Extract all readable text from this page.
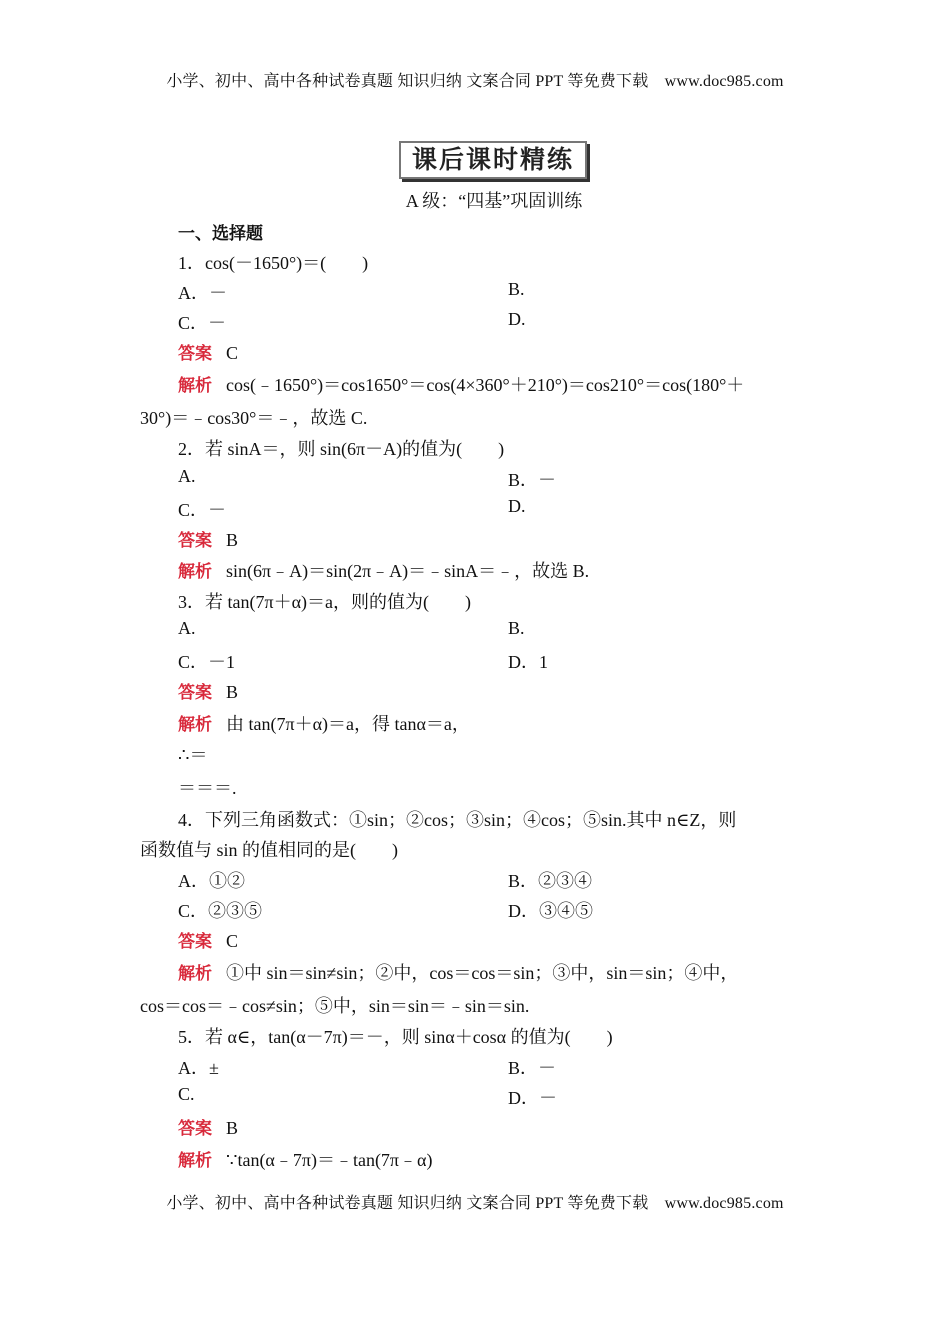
小学、初中、高中各种试卷真题 知识归纳 文案合同 PPT 等免费下载　www.doc985.com
课后课时精练
A 级：“四基”巩固训练
一、选择题
1．cos(－1650°)＝(　　)
A．－	B.
C．－	D.
答案 C
解析 cos(﹣1650°)＝cos1650°＝cos(4×360°＋210°)＝cos210°＝cos(180°＋
30°)＝﹣cos30°＝﹣，故选 C.
2．若 sinA＝，则 sin(6π－A)的值为(　　)
A.	B．－
C．－	D.
答案 B
解析 sin(6π﹣A)＝sin(2π﹣A)＝﹣sinA＝﹣，故选 B.
3．若 tan(7π＋α)＝a，则的值为(　　)
A.	B.
C．－1	D．1
答案 B
解析 由 tan(7π＋α)＝a，得 tanα＝a，
∴＝
＝＝＝.
4．下列三角函数式：①sin；②cos；③sin；④cos；⑤sin.其中 n∈Z，则
函数值与 sin 的值相同的是(　　)
A．①②	B．②③④
C．②③⑤	D．③④⑤
答案 C
解析 ①中 sin＝sin≠sin；②中，cos＝cos＝sin；③中，sin＝sin；④中，
cos＝cos＝﹣cos≠sin；⑤中，sin＝sin＝﹣sin＝sin.
5．若 α∈，tan(α－7π)＝－，则 sinα＋cosα 的值为(　　)
A．±	B．－
C.	D．－
答案 B
解析 ∵tan(α﹣7π)＝﹣tan(7π﹣α)
小学、初中、高中各种试卷真题 知识归纳 文案合同 PPT 等免费下载　www.doc985.com
